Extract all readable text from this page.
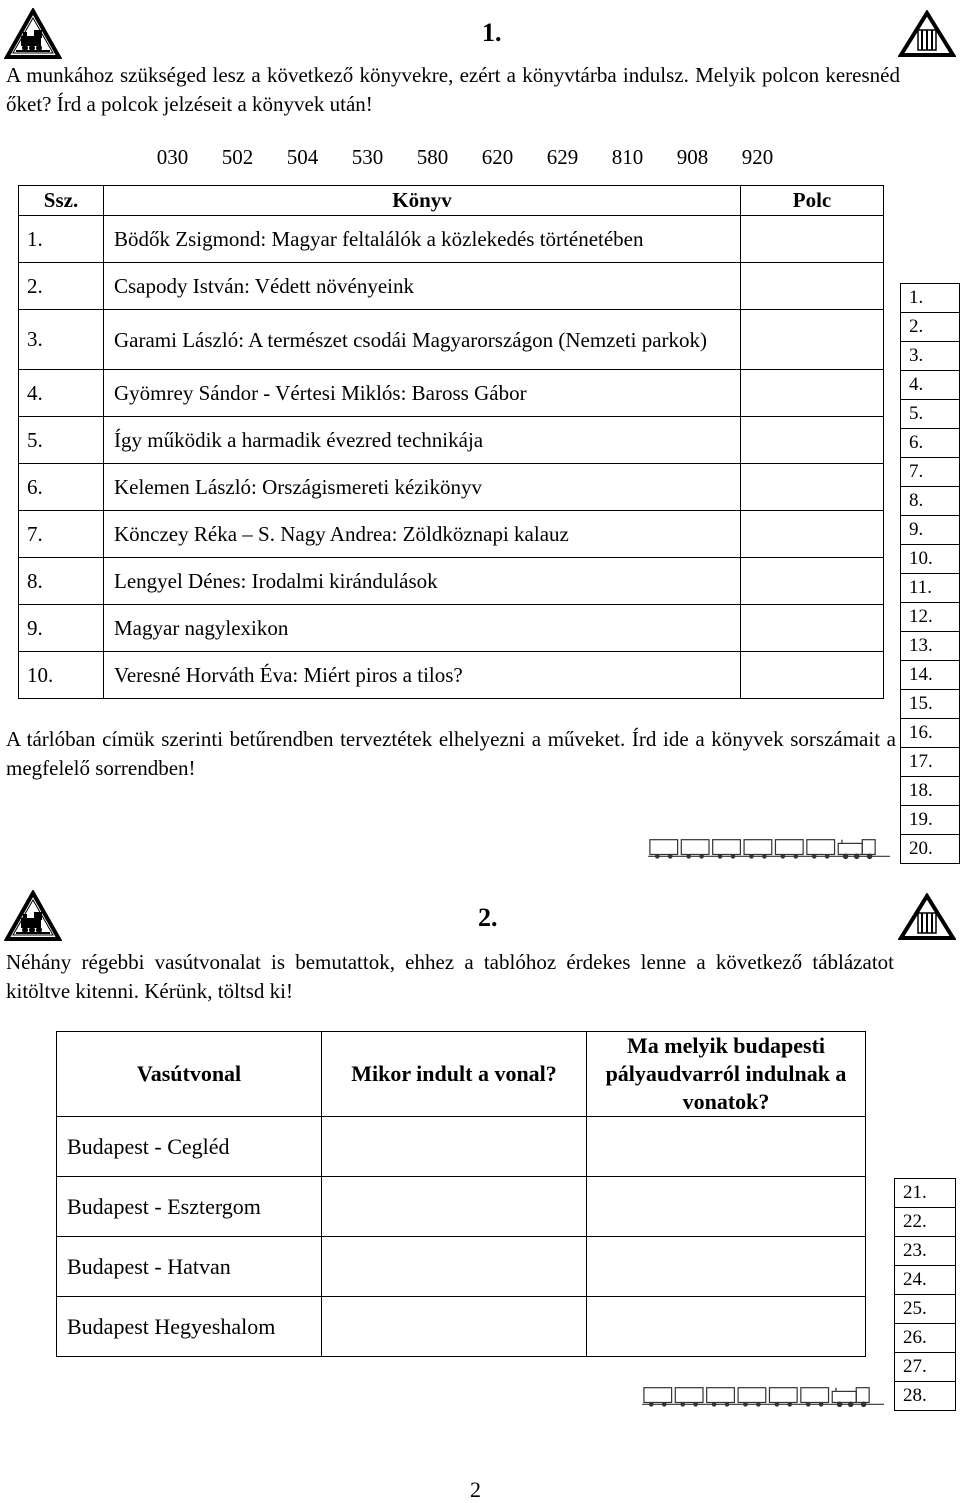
1.
A munkához szükséged lesz a következő könyvekre, ezért a könyvtárba indulsz. Melyik polcon keresnéd őket? Írd a polcok jelzéseit a könyvek után!
030 502 504 530 580 620 629 810 908 920
Ssz.	Könyv	Polc
1.	Bödők Zsigmond: Magyar feltalálók a közlekedés történetében	
2.	Csapody István: Védett növényeink	
3.	Garami László: A természet csodái Magyarországon (Nemzeti parkok)	
4.	Gyömrey Sándor - Vértesi Miklós: Baross Gábor	
5.	Így működik a harmadik évezred technikája	
6.	Kelemen László: Országismereti kézikönyv	
7.	Könczey Réka – S. Nagy Andrea: Zöldköznapi kalauz	
8.	Lengyel Dénes: Irodalmi kirándulások	
9.	Magyar nagylexikon	
10.	Veresné Horváth Éva: Miért piros a tilos?	
A tárlóban címük szerinti betűrendben terveztétek elhelyezni a műveket. Írd ide a könyvek sorszámait a megfelelő sorrendben!
1.
2.
3.
4.
5.
6.
7.
8.
9.
10.
11.
12.
13.
14.
15.
16.
17.
18.
19.
20.
2.
Néhány régebbi vasútvonalat is bemutattok, ehhez a tablóhoz érdekes lenne a következő táblázatot kitöltve kitenni. Kérünk, töltsd ki!
Vasútvonal	Mikor indult a vonal?	Ma melyik budapesti pályaudvarról indulnak a vonatok?
Budapest - Cegléd		
Budapest - Esztergom		
Budapest - Hatvan		
Budapest Hegyeshalom		
21.
22.
23.
24.
25.
26.
27.
28.
2
